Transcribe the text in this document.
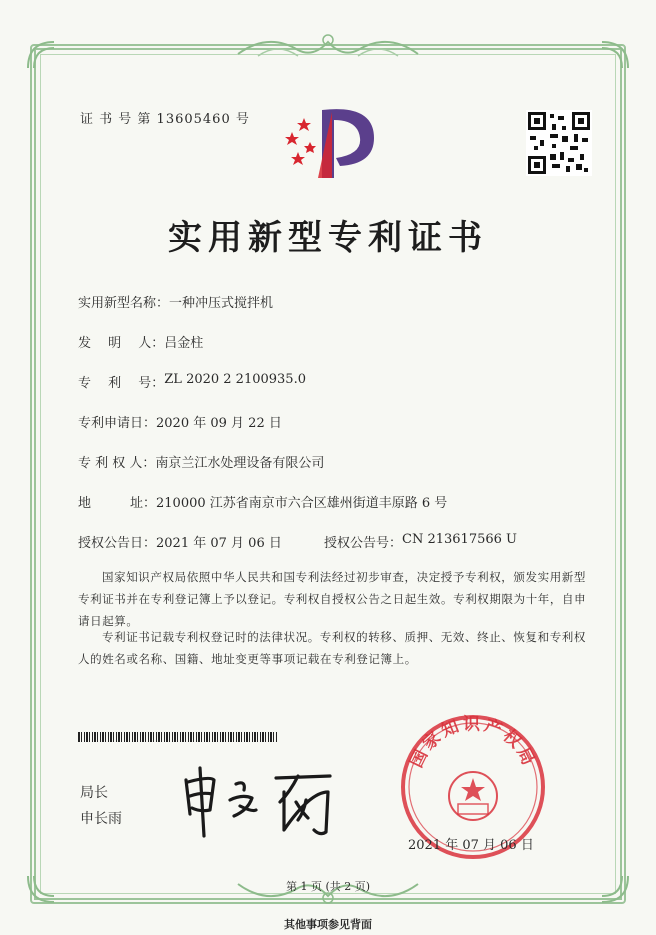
证 书 号 第 13605460 号
实用新型专利证书
实用新型名称： 一种冲压式搅拌机
发　 明　 人： 吕金柱
专　 利　 号： ZL 2020 2 2100935.0
专利申请日： 2020 年 09 月 22 日
专 利 权 人： 南京兰江水处理设备有限公司
地　　　址： 210000 江苏省南京市六合区雄州街道丰原路 6 号
授权公告日： 2021 年 07 月 06 日	授权公告号： CN 213617566 U

国家知识产权局依照中华人民共和国专利法经过初步审查，决定授予专利权，颁发实用新型专利证书并在专利登记簿上予以登记。专利权自授权公告之日起生效。专利权期限为十年，自申请日起算。

专利证书记载专利权登记时的法律状况。专利权的转移、质押、无效、终止、恢复和专利权人的姓名或名称、国籍、地址变更等事项记载在专利登记簿上。

局长
申长雨
国家知识产权局
2021 年 07 月 06 日
第 1 页 (共 2 页)
其他事项参见背面
